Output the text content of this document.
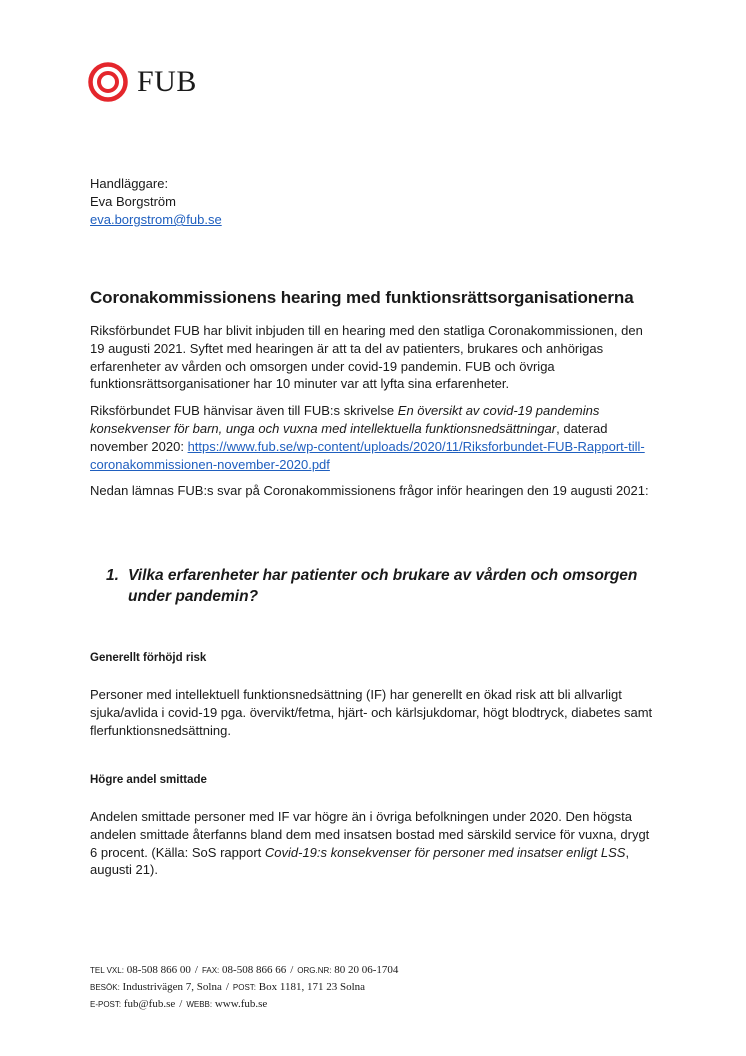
FUB
Handläggare:
Eva Borgström
eva.borgstrom@fub.se
Coronakommissionens hearing med funktionsrättsorganisationerna

Riksförbundet FUB har blivit inbjuden till en hearing med den statliga Coronakommissionen, den 19 augusti 2021. Syftet med hearingen är att ta del av patienters, brukares och anhörigas erfarenheter av vården och omsorgen under covid-19 pandemin. FUB och övriga funktionsrättsorganisationer har 10 minuter var att lyfta sina erfarenheter.

Riksförbundet FUB hänvisar även till FUB:s skrivelse En översikt av covid-19 pandemins konsekvenser för barn, unga och vuxna med intellektuella funktionsnedsättningar, daterad november 2020: https://www.fub.se/wp-content/uploads/2020/11/Riksforbundet-FUB-Rapport-till-coronakommissionen-november-2020.pdf

Nedan lämnas FUB:s svar på Coronakommissionens frågor inför hearingen den 19 augusti 2021:

1. Vilka erfarenheter har patienter och brukare av vården och omsorgen under pandemin?
Generellt förhöjd risk

Personer med intellektuell funktionsnedsättning (IF) har generellt en ökad risk att bli allvarligt sjuka/avlida i covid-19 pga. övervikt/fetma, hjärt- och kärlsjukdomar, högt blodtryck, diabetes samt flerfunktionsnedsättning.

Högre andel smittade

Andelen smittade personer med IF var högre än i övriga befolkningen under 2020. Den högsta andelen smittade återfanns bland dem med insatsen bostad med särskild service för vuxna, drygt 6 procent. (Källa: SoS rapport Covid-19:s konsekvenser för personer med insatser enligt LSS, augusti 21).

TEL VXL: 08-508 866 00 / FAX: 08-508 866 66 / ORG.NR: 80 20 06-1704
BESÖK: Industrivägen 7, Solna / POST: Box 1181, 171 23 Solna
E-POST: fub@fub.se / WEBB: www.fub.se
